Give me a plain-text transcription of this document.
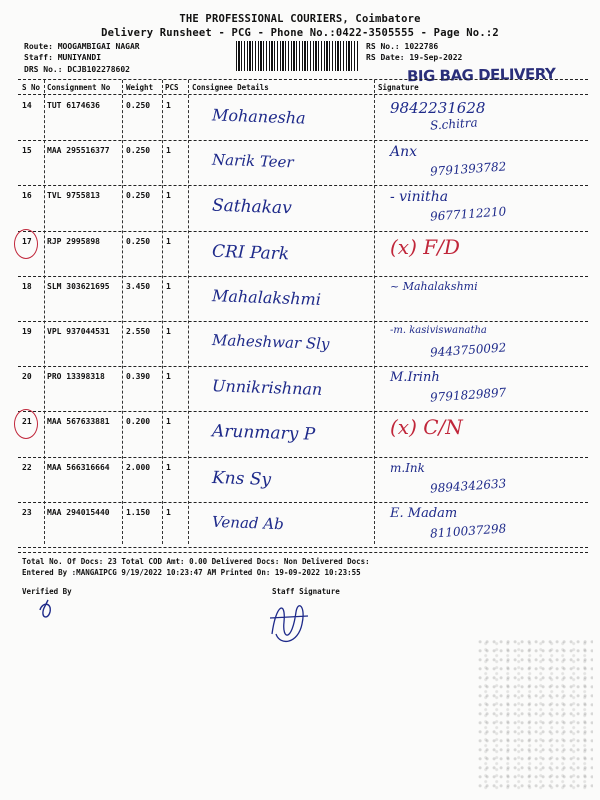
THE PROFESSIONAL COURIERS, Coimbatore
Delivery Runsheet - PCG - Phone No.:0422-3505555 - Page No.:2
Route: MOOGAMBIGAI NAGAR
Staff: MUNIYANDI
DRS No.: DCJB102278602
RS No.: 1022786
RS Date: 19-Sep-2022
BIG BAG DELIVERY
S No Consignment No Weight PCS Consignee Details	Signature
14 TUT 6174636	0.250 1	Mohanesha	9842231628
S.chitra
15 MAA 295516377 0.250 1
Narik Teer	Anx
9791393782
16 TVL 9755813	0.250 1
Sathakav	- vinitha
9677112210
17 RJP 2995898	0.250 1
CRI Park	(x) F/D
18 SLM 303621695 3.450 1	Mahalakshmi	~ Mahalakshmi
19 VPL 937044531 2.550 1	Maheshwar Sly
-m. kasiviswanatha
9443750092
20 PRO 13398318	0.390 1	Unnikrishnan	M.Irinh
9791829897
21 MAA 567633881 0.200 1 Arunmary P	(x) C/N
22 MAA 566316664 2.000 1
Kns Sy	m.Ink
9894342633
23 MAA 294015440 1.150 1
Venad Ab	E. Madam
8110037298
Total No. Of Docs: 23 Total COD Amt: 0.00 Delivered Docs: Non Delivered Docs:
Entered By :MANGAIPCG 9/19/2022 10:23:47 AM Printed On: 19-09-2022 10:23:55
Verified By	Staff Signature
